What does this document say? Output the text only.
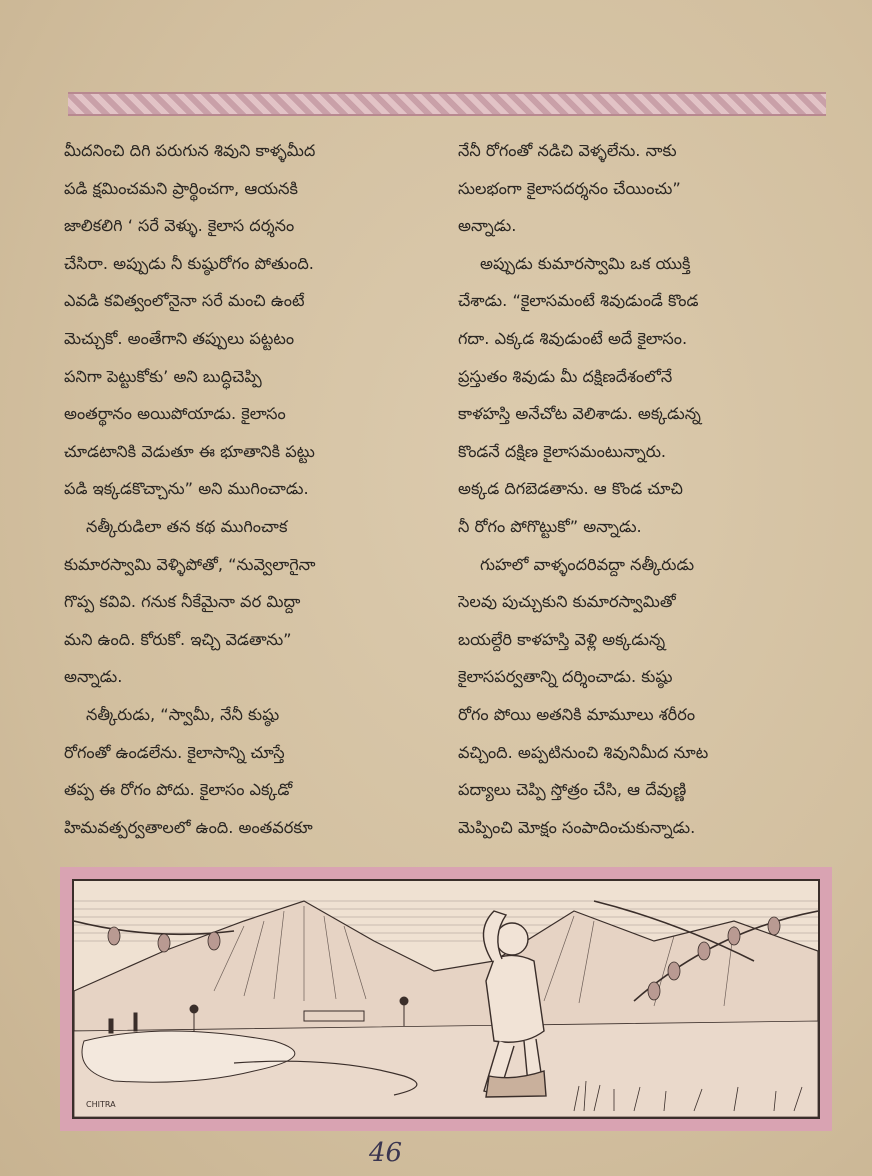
మీదనించి దిగి పరుగున శివుని కాళ్ళమీద
పడి క్షమించమని ప్రార్థించగా, ఆయనకి
జాలికలిగి ‘ సరే వెళ్ళు. కైలాస దర్శనం
చేసిరా. అప్పుడు నీ కుష్ఠురోగం పోతుంది.
ఎవడి కవిత్వంలోనైనా సరే మంచి ఉంటే
మెచ్చుకో. అంతేగాని తప్పులు పట్టటం
పనిగా పెట్టుకోకు’ అని బుద్ధిచెప్పి
అంతర్థానం అయిపోయాడు. కైలాసం
చూడటానికి వెడుతూ ఈ భూతానికి పట్టు
పడి ఇక్కడకొచ్చాను” అని ముగించాడు.
నత్కీరుడిలా తన కథ ముగించాక
కుమారస్వామి వెళ్ళిపోతో, “నువ్వెలాగైనా
గొప్ప కవివి. గనుక నీకేమైనా వర మిద్దా
మని ఉంది. కోరుకో. ఇచ్చి వెడతాను”
అన్నాడు.
నత్కీరుడు, “స్వామీ, నేనీ కుష్ఠు
రోగంతో ఉండలేను. కైలాసాన్ని చూస్తే
తప్ప ఈ రోగం పోదు. కైలాసం ఎక్కడో
హిమవత్పర్వతాలలో ఉంది. అంతవరకూ
నేనీ రోగంతో నడిచి వెళ్ళలేను. నాకు
సులభంగా కైలాసదర్శనం చేయించు”
అన్నాడు.
అప్పుడు కుమారస్వామి ఒక యుక్తి
చేశాడు. “కైలాసమంటే శివుడుండే కొండ
గదా. ఎక్కడ శివుడుంటే అదే కైలాసం.
ప్రస్తుతం శివుడు మీ దక్షిణదేశంలోనే
కాళహస్తి అనేచోట వెలిశాడు. అక్కడున్న
కొండనే దక్షిణ కైలాసమంటున్నారు.
అక్కడ దిగబెడతాను. ఆ కొండ చూచి
నీ రోగం పోగొట్టుకో” అన్నాడు.
గుహలో వాళ్ళందరివద్దా నత్కీరుడు
సెలవు పుచ్చుకుని కుమారస్వామితో
బయల్దేరి కాళహస్తి వెళ్లి అక్కడున్న
కైలాసపర్వతాన్ని దర్శించాడు. కుష్ఠు
రోగం పోయి అతనికి మామూలు శరీరం
వచ్చింది. అప్పటినుంచి శివునిమీద నూట
పద్యాలు చెప్పి స్తోత్రం చేసి, ఆ దేవుణ్ణి
మెప్పించి మోక్షం సంపాదించుకున్నాడు.
CHITRA
46
